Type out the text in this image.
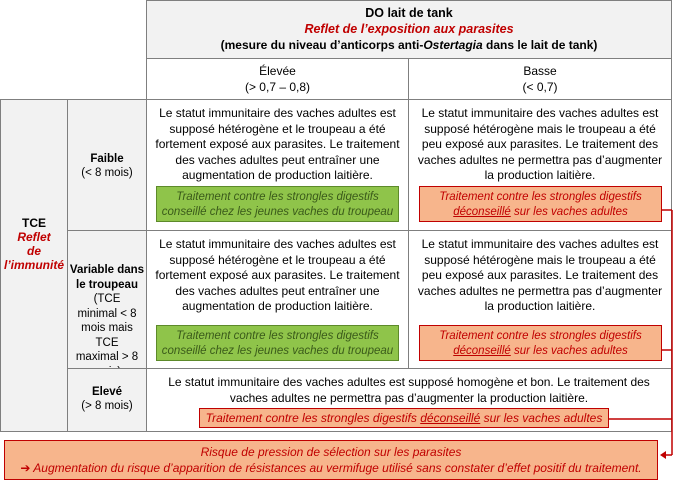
DO lait de tank
Reflet de l’exposition aux parasites
(mesure du niveau d’anticorps anti-Ostertagia dans le lait de tank)
Élevée
(> 0,7 – 0,8)
Basse
(< 0,7)
TCE
Reflet
de
l’immunité
Faible
(< 8 mois)
Le statut immunitaire des vaches adultes est supposé hétérogène et le troupeau a été fortement exposé aux parasites. Le traitement des vaches adultes peut entraîner une augmentation de production laitière.
Traitement contre les strongles digestifs conseillé chez les jeunes vaches du troupeau
Le statut immunitaire des vaches adultes est supposé hétérogène mais le troupeau a été peu exposé aux parasites. Le traitement des vaches adultes ne permettra pas d’augmenter la production laitière.
Traitement contre les strongles digestifs
déconseillé sur les vaches adultes
Variable dans
le troupeau
(TCE minimal < 8 mois mais TCE maximal > 8
Le statut immunitaire des vaches adultes est supposé hétérogène et le troupeau a été fortement exposé aux parasites. Le traitement des vaches adultes peut entraîner une augmentation de production laitière.
Traitement contre les strongles digestifs conseillé chez les jeunes vaches du troupeau
Le statut immunitaire des vaches adultes est supposé hétérogène mais le troupeau a été peu exposé aux parasites. Le traitement des vaches adultes ne permettra pas d’augmenter la production laitière.
Traitement contre les strongles digestifs
déconseillé sur les vaches adultes
Elevé
(> 8 mois)
Le statut immunitaire des vaches adultes est supposé homogène et bon. Le traitement des vaches adultes ne permettra pas d’augmenter la production laitière.
Traitement contre les strongles digestifs déconseillé sur les vaches adultes
Risque de pression de sélection sur les parasites
➔ Augmentation du risque d’apparition de résistances au vermifuge utilisé sans constater d’effet positif du traitement.
